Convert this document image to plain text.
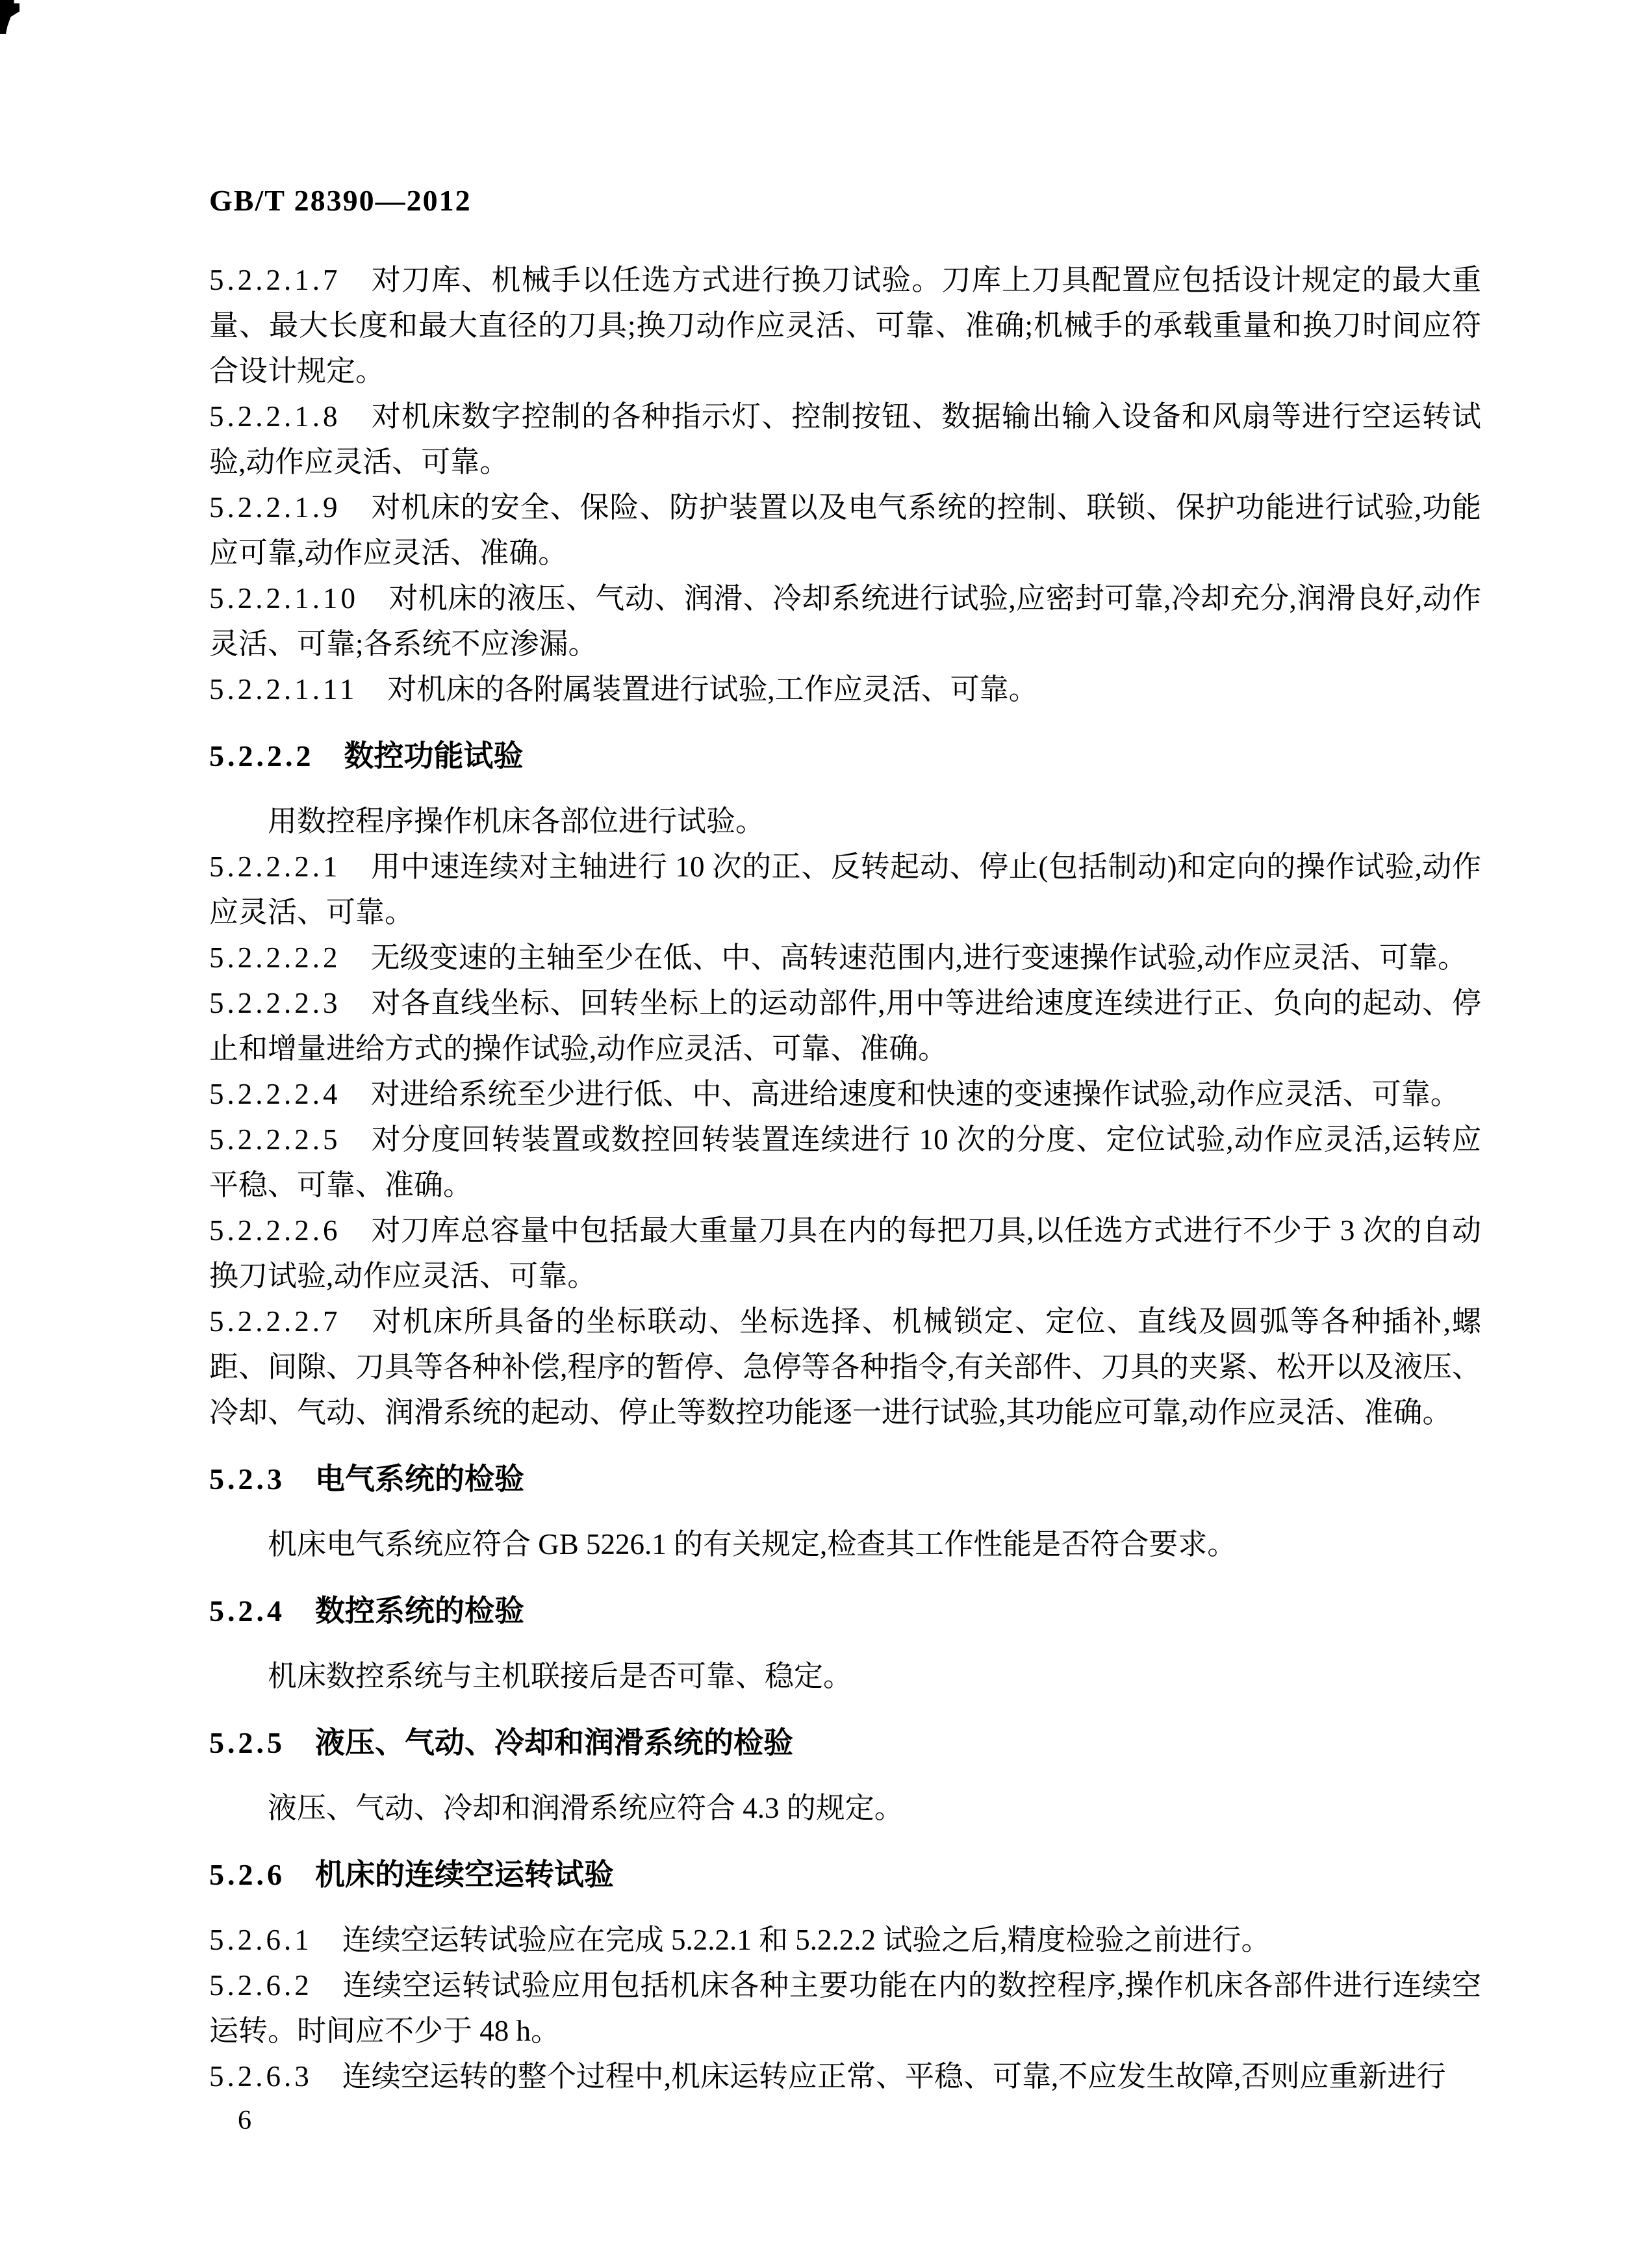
GB/T 28390—2012
5.2.2.1.7 对刀库、机械手以任选方式进行换刀试验。刀库上刀具配置应包括设计规定的最大重量、最大长度和最大直径的刀具;换刀动作应灵活、可靠、准确;机械手的承载重量和换刀时间应符合设计规定。
5.2.2.1.8 对机床数字控制的各种指示灯、控制按钮、数据输出输入设备和风扇等进行空运转试验,动作应灵活、可靠。
5.2.2.1.9 对机床的安全、保险、防护装置以及电气系统的控制、联锁、保护功能进行试验,功能应可靠,动作应灵活、准确。
5.2.2.1.10 对机床的液压、气动、润滑、冷却系统进行试验,应密封可靠,冷却充分,润滑良好,动作灵活、可靠;各系统不应渗漏。
5.2.2.1.11 对机床的各附属装置进行试验,工作应灵活、可靠。
5.2.2.2 数控功能试验
用数控程序操作机床各部位进行试验。
5.2.2.2.1 用中速连续对主轴进行 10 次的正、反转起动、停止(包括制动)和定向的操作试验,动作应灵活、可靠。
5.2.2.2.2 无级变速的主轴至少在低、中、高转速范围内,进行变速操作试验,动作应灵活、可靠。
5.2.2.2.3 对各直线坐标、回转坐标上的运动部件,用中等进给速度连续进行正、负向的起动、停止和增量进给方式的操作试验,动作应灵活、可靠、准确。
5.2.2.2.4 对进给系统至少进行低、中、高进给速度和快速的变速操作试验,动作应灵活、可靠。
5.2.2.2.5 对分度回转装置或数控回转装置连续进行 10 次的分度、定位试验,动作应灵活,运转应平稳、可靠、准确。
5.2.2.2.6 对刀库总容量中包括最大重量刀具在内的每把刀具,以任选方式进行不少于 3 次的自动换刀试验,动作应灵活、可靠。
5.2.2.2.7 对机床所具备的坐标联动、坐标选择、机械锁定、定位、直线及圆弧等各种插补,螺距、间隙、刀具等各种补偿,程序的暂停、急停等各种指令,有关部件、刀具的夹紧、松开以及液压、冷却、气动、润滑系统的起动、停止等数控功能逐一进行试验,其功能应可靠,动作应灵活、准确。
5.2.3 电气系统的检验
机床电气系统应符合 GB 5226.1 的有关规定,检查其工作性能是否符合要求。
5.2.4 数控系统的检验
机床数控系统与主机联接后是否可靠、稳定。
5.2.5 液压、气动、冷却和润滑系统的检验
液压、气动、冷却和润滑系统应符合 4.3 的规定。
5.2.6 机床的连续空运转试验
5.2.6.1 连续空运转试验应在完成 5.2.2.1 和 5.2.2.2 试验之后,精度检验之前进行。
5.2.6.2 连续空运转试验应用包括机床各种主要功能在内的数控程序,操作机床各部件进行连续空运转。时间应不少于 48 h。
5.2.6.3 连续空运转的整个过程中,机床运转应正常、平稳、可靠,不应发生故障,否则应重新进行
6
